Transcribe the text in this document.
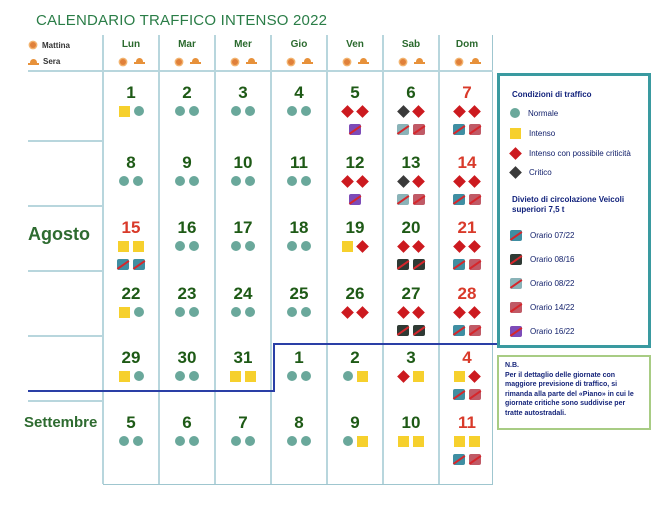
CALENDARIO TRAFFICO INTENSO 2022
Mattina
Sera
Agosto
Settembre
Lun	Mar	Mer	Gio	Ven	Sab	Dom
1	2	3	4	5	6	7
8	9	10	11	12	13	14
15	16	17	18	19	20	21
22	23	24	25	26	27	28
29	30	31	1	2	3	4
5	6	7	8	9	10	11
Condizioni di traffico
Normale
Intenso
Intenso con possibile criticità
Critico
Divieto di circolazione Veicoli superiori 7,5 t
Orario 07/22
Orario 08/16
Orario 08/22
Orario 14/22
Orario 16/22
N.B.
Per il dettaglio delle giornate con maggiore previsione di traffico, si rimanda alla parte del «Piano» in cui le giornate critiche sono suddivise per tratte autostradali.
